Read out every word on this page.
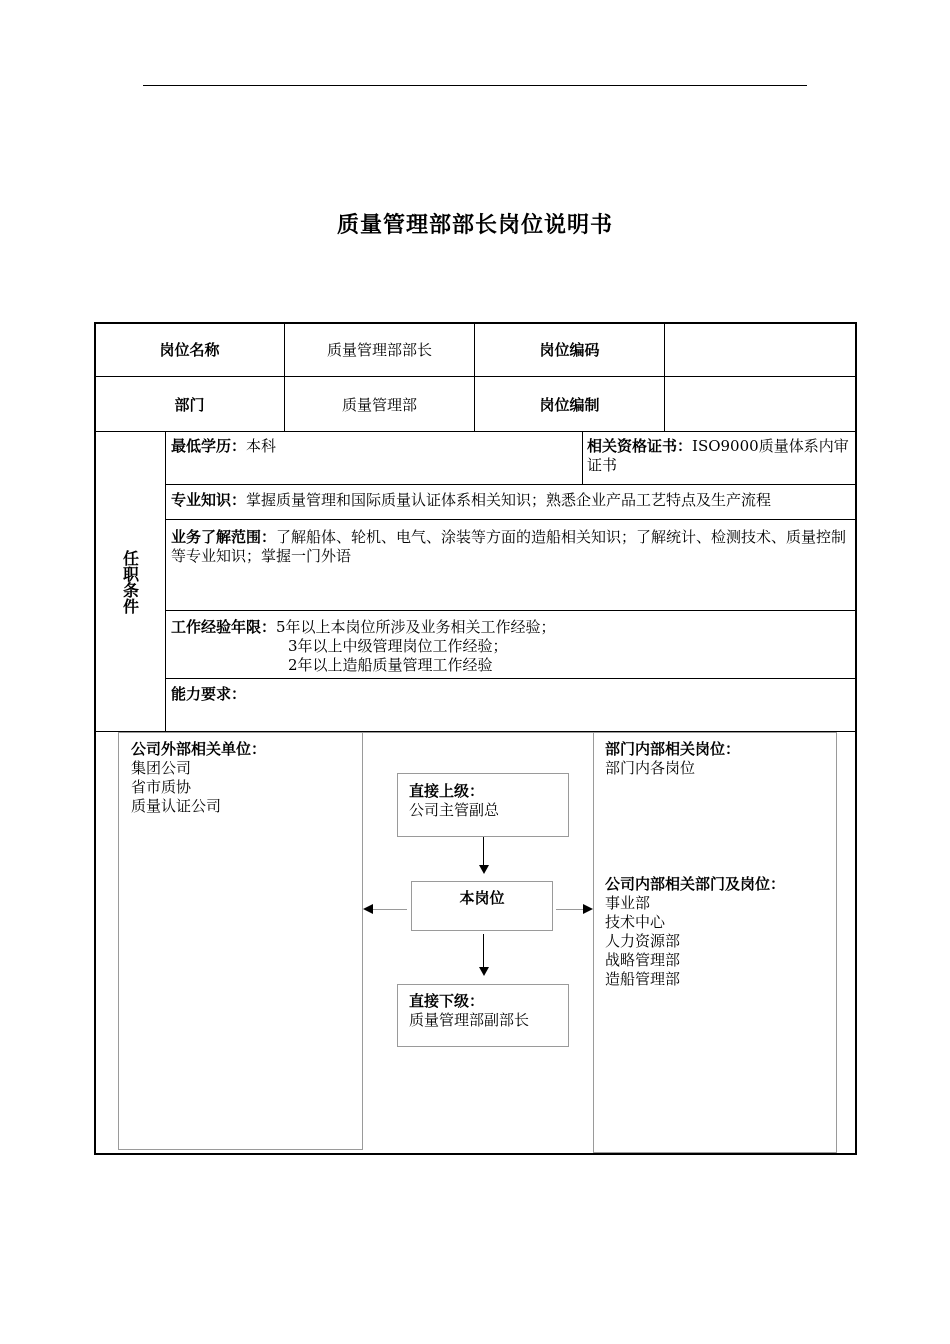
质量管理部部长岗位说明书
岗位名称	质量管理部部长	岗位编码
部门	质量管理部	岗位编制
任职条件
最低学历：本科	相关资格证书：ISO9000质量体系内审证书
专业知识：掌握质量管理和国际质量认证体系相关知识；熟悉企业产品工艺特点及生产流程
业务了解范围：了解船体、轮机、电气、涂装等方面的造船相关知识；了解统计、检测技术、质量控制等专业知识；掌握一门外语
工作经验年限：5年以上本岗位所涉及业务相关工作经验；
3年以上中级管理岗位工作经验；
2年以上造船质量管理工作经验
能力要求：
公司外部相关单位：
集团公司
省市质协
质量认证公司
部门内部相关岗位：
部门内各岗位
公司内部相关部门及岗位：
事业部
技术中心
人力资源部
战略管理部
造船管理部
直接上级：
公司主管副总
本岗位
直接下级：
质量管理部副部长
